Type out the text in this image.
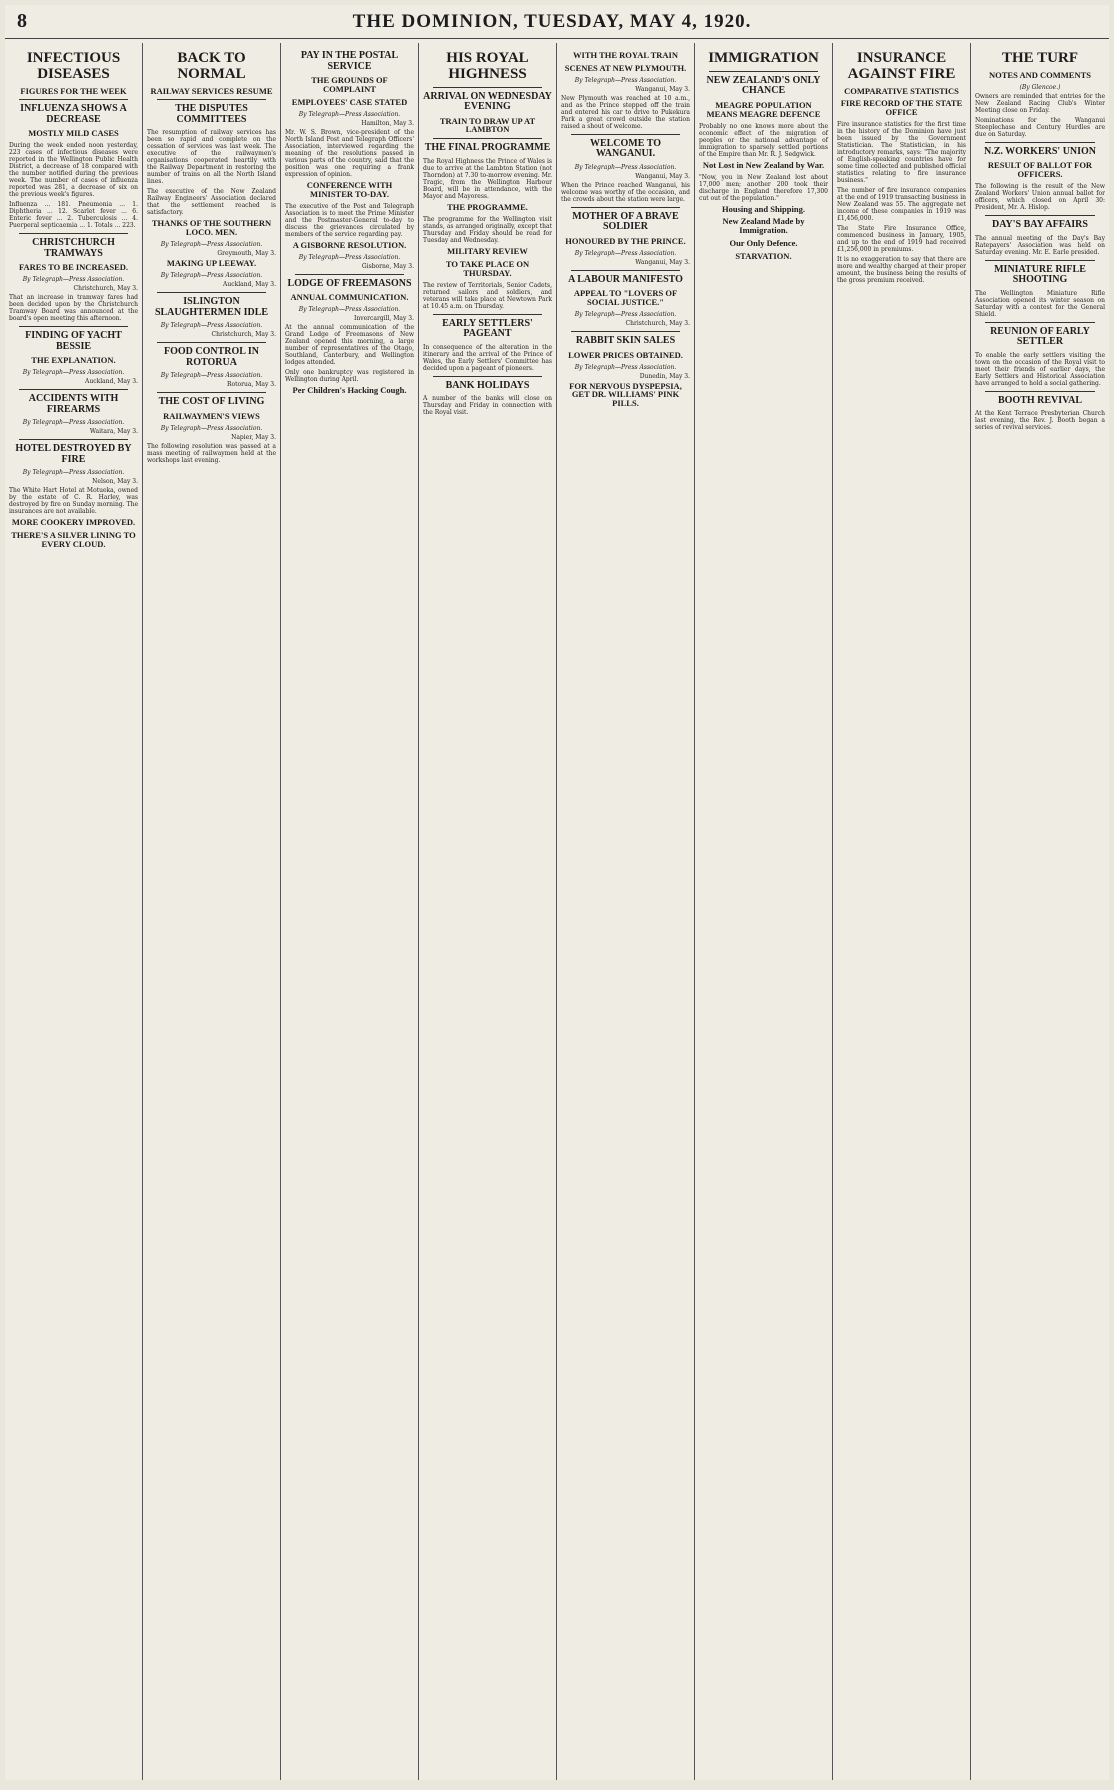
8	THE DOMINION, TUESDAY, MAY 4, 1920.
INFECTIOUS DISEASES
FIGURES FOR THE WEEK
INFLUENZA SHOWS A DECREASE
MOSTLY MILD CASES

During the week ended noon yesterday, 223 cases of infectious diseases were reported in the Wellington Public Health District, a decrease of 18 compared with the number notified during the previous week. The number of cases of influenza reported was 281, a decrease of six on the previous week's figures.

Influenza ... 181. Pneumonia ... 1. Diphtheria ... 12. Scarlet fever ... 6. Enteric fever ... 2. Tuberculosis ... 4. Puerperal septicaemia ... 1. Totals ... 223.

CHRISTCHURCH TRAMWAYS
FARES TO BE INCREASED.
By Telegraph—Press Association.
Christchurch, May 3.

That an increase in tramway fares had been decided upon by the Christchurch Tramway Board was announced at the board's open meeting this afternoon.

FINDING OF YACHT BESSIE
THE EXPLANATION.
By Telegraph—Press Association.
Auckland, May 3.
ACCIDENTS WITH FIREARMS
By Telegraph—Press Association.
Waitara, May 3.
HOTEL DESTROYED BY FIRE
By Telegraph—Press Association.
Nelson, May 3.

The White Hart Hotel at Motueka, owned by the estate of C. R. Harley, was destroyed by fire on Sunday morning. The insurances are not available.

MORE COOKERY IMPROVED.
THERE'S A SILVER LINING TO EVERY CLOUD.
BACK TO NORMAL
RAILWAY SERVICES RESUME
THE DISPUTES COMMITTEES

The resumption of railway services has been so rapid and complete on the cessation of services was last week. The executive of the railwaymen's organisations cooperated heartily with the Railway Department in restoring the number of trains on all the North Island lines.

The executive of the New Zealand Railway Engineers' Association declared that the settlement reached is satisfactory.

THANKS OF THE SOUTHERN LOCO. MEN.
By Telegraph—Press Association.
Greymouth, May 3.
MAKING UP LEEWAY.
By Telegraph—Press Association.
Auckland, May 3.
ISLINGTON SLAUGHTERMEN IDLE
By Telegraph—Press Association.
Christchurch, May 3.
FOOD CONTROL IN ROTORUA
By Telegraph—Press Association.
Rotorua, May 3.
THE COST OF LIVING
RAILWAYMEN'S VIEWS
By Telegraph—Press Association.
Napier, May 3.

The following resolution was passed at a mass meeting of railwaymen held at the workshops last evening.

PAY IN THE POSTAL SERVICE
THE GROUNDS OF COMPLAINT
EMPLOYEES' CASE STATED
By Telegraph—Press Association.
Hamilton, May 3.

Mr. W. S. Brown, vice-president of the North Island Post and Telegraph Officers' Association, interviewed regarding the meaning of the resolutions passed in various parts of the country, said that the position was one requiring a frank expression of opinion.

CONFERENCE WITH MINISTER TO-DAY.

The executive of the Post and Telegraph Association is to meet the Prime Minister and the Postmaster-General to-day to discuss the grievances circulated by members of the service regarding pay.

A GISBORNE RESOLUTION.
By Telegraph—Press Association.
Gisborne, May 3.
LODGE OF FREEMASONS
ANNUAL COMMUNICATION.
By Telegraph—Press Association.
Invercargill, May 3.

At the annual communication of the Grand Lodge of Freemasons of New Zealand opened this morning, a large number of representatives of the Otago, Southland, Canterbury, and Wellington lodges attended.

Only one bankruptcy was registered in Wellington during April.

Per Children's Hacking Cough.
HIS ROYAL HIGHNESS
ARRIVAL ON WEDNESDAY EVENING
TRAIN TO DRAW UP AT LAMBTON
THE FINAL PROGRAMME

The Royal Highness the Prince of Wales is due to arrive at the Lambton Station (not Thorndon) at 7.30 to-morrow evening. Mr. Tragic, from the Wellington Harbour Board, will be in attendance, with the Mayor and Mayoress.

THE PROGRAMME.

The programme for the Wellington visit stands, as arranged originally, except that Thursday and Friday should be read for Tuesday and Wednesday.

MILITARY REVIEW
TO TAKE PLACE ON THURSDAY.

The review of Territorials, Senior Cadets, returned sailors and soldiers, and veterans will take place at Newtown Park at 10.45 a.m. on Thursday.

EARLY SETTLERS' PAGEANT

In consequence of the alteration in the itinerary and the arrival of the Prince of Wales, the Early Settlers' Committee has decided upon a pageant of pioneers.

BANK HOLIDAYS

A number of the banks will close on Thursday and Friday in connection with the Royal visit.

WITH THE ROYAL TRAIN
SCENES AT NEW PLYMOUTH.
By Telegraph—Press Association.
Wanganui, May 3.

New Plymouth was reached at 10 a.m., and as the Prince stepped off the train and entered his car to drive to Pukekura Park a great crowd outside the station raised a shout of welcome.

WELCOME TO WANGANUI.
By Telegraph—Press Association.
Wanganui, May 3.

When the Prince reached Wanganui, his welcome was worthy of the occasion, and the crowds about the station were large.

MOTHER OF A BRAVE SOLDIER
HONOURED BY THE PRINCE.
By Telegraph—Press Association.
Wanganui, May 3.
A LABOUR MANIFESTO
APPEAL TO "LOVERS OF SOCIAL JUSTICE."
By Telegraph—Press Association.
Christchurch, May 3.
RABBIT SKIN SALES
LOWER PRICES OBTAINED.
By Telegraph—Press Association.
Dunedin, May 3.
FOR NERVOUS DYSPEPSIA, GET DR. WILLIAMS' PINK PILLS.
IMMIGRATION
NEW ZEALAND'S ONLY CHANCE
MEAGRE POPULATION MEANS MEAGRE DEFENCE

Probably no one knows more about the economic effect of the migration of peoples or the national advantage of immigration to sparsely settled portions of the Empire than Mr. R. J. Sedgwick.

Not Lost in New Zealand by War.

"Now, you in New Zealand lost about 17,000 men; another 200 took their discharge in England therefore 17,300 cut out of the population."

Housing and Shipping.
New Zealand Made by Immigration.
Our Only Defence.
STARVATION.
INSURANCE AGAINST FIRE
COMPARATIVE STATISTICS
FIRE RECORD OF THE STATE OFFICE

Fire insurance statistics for the first time in the history of the Dominion have just been issued by the Government Statistician. The Statistician, in his introductory remarks, says: "The majority of English-speaking countries have for some time collected and published official statistics relating to fire insurance business."

The number of fire insurance companies at the end of 1919 transacting business in New Zealand was 55. The aggregate net income of these companies in 1919 was £1,456,000.

The State Fire Insurance Office, commenced business in January, 1905, and up to the end of 1919 had received £1,256,000 in premiums.

It is no exaggeration to say that there are more and wealthy charged at their proper amount, the business being the results of the gross premium received.

THE TURF
NOTES AND COMMENTS
(By Glencoe.)

Owners are reminded that entries for the New Zealand Racing Club's Winter Meeting close on Friday.

Nominations for the Wanganui Steeplechase and Century Hurdles are due on Saturday.

N.Z. WORKERS' UNION
RESULT OF BALLOT FOR OFFICERS.

The following is the result of the New Zealand Workers' Union annual ballot for officers, which closed on April 30: President, Mr. A. Hislop.

DAY'S BAY AFFAIRS

The annual meeting of the Day's Bay Ratepayers' Association was held on Saturday evening. Mr. E. Earle presided.

MINIATURE RIFLE SHOOTING

The Wellington Miniature Rifle Association opened its winter season on Saturday with a contest for the General Shield.

REUNION OF EARLY SETTLER

To enable the early settlers visiting the town on the occasion of the Royal visit to meet their friends of earlier days, the Early Settlers and Historical Association have arranged to hold a social gathering.

BOOTH REVIVAL

At the Kent Terrace Presbyterian Church last evening, the Rev. J. Booth began a series of revival services.
